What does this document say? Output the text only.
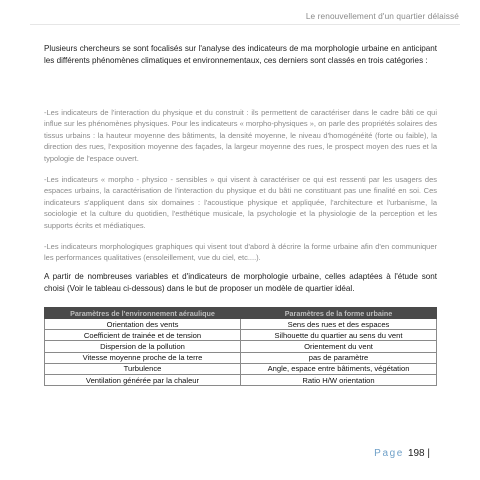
Le renouvellement d'un quartier délaissé

Plusieurs chercheurs se sont focalisés sur l'analyse des indicateurs de ma morphologie urbaine en anticipant les différents phénomènes climatiques et environnementaux, ces derniers sont classés en trois catégories :

-Les indicateurs de l'interaction du physique et du construit : ils permettent de caractériser dans le cadre bâti ce qui influe sur les phénomènes physiques. Pour les indicateurs « morpho-physiques », on parle des propriétés solaires des tissus urbains : la hauteur moyenne des bâtiments, la densité moyenne, le niveau d'homogénéité (forte ou faible), la direction des rues, l'exposition moyenne des façades, la largeur moyenne des rues, le prospect moyen des rues et la typologie de l'espace ouvert.

-Les indicateurs « morpho - physico - sensibles » qui visent à caractériser ce qui est ressenti par les usagers des espaces urbains, la caractérisation de l'interaction du physique et du bâti ne constituant pas une finalité en soi. Ces indicateurs s'appliquent dans six domaines : l'acoustique physique et appliquée, l'architecture et l'urbanisme, la sociologie et la culture du quotidien, l'esthétique musicale, la psychologie et la physiologie de la perception et les supports écrits et médiatiques.

-Les indicateurs morphologiques graphiques qui visent tout d'abord à décrire la forme urbaine afin d'en communiquer les performances qualitatives (ensoleillement, vue du ciel, etc....).

A partir de nombreuses variables et d'indicateurs de morphologie urbaine, celles adaptées à l'étude sont choisi (Voir le tableau ci-dessous) dans le but de proposer un modèle de quartier idéal.

Paramètres de l'environnement aéraulique	Paramètres de la forme urbaine
Orientation des vents	Sens des rues et des espaces
Coefficient de trainée et de tension	Silhouette du quartier au sens du vent
Dispersion de la pollution	Orientement du vent
Vitesse moyenne proche de la terre	pas de paramètre
Turbulence	Angle, espace entre bâtiments, végétation
Ventilation générée par la chaleur	Ratio H/W orientation
Page 198 |
